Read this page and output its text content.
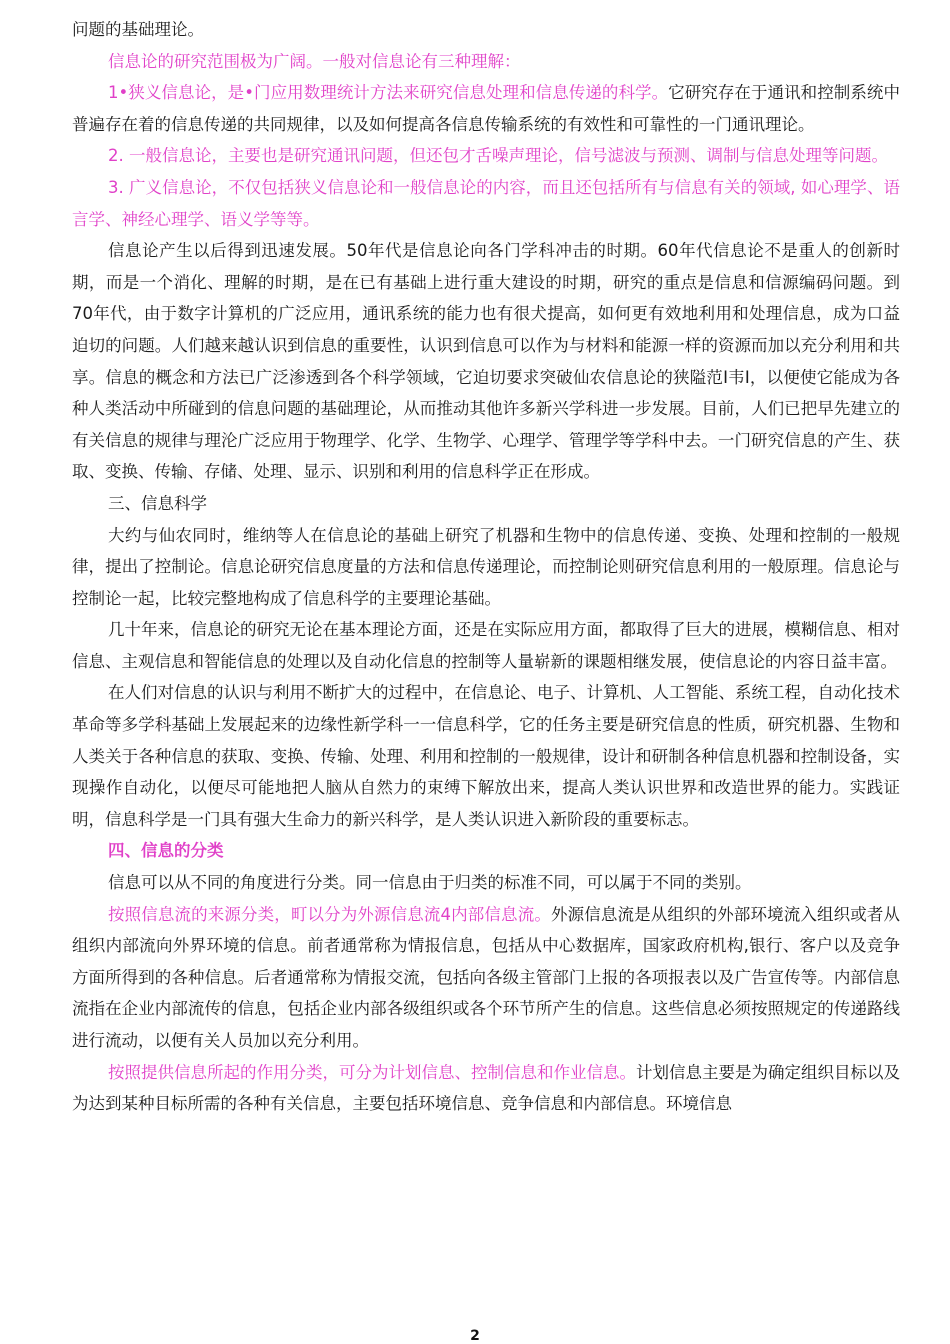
问题的基础理论。

信息论的研究范围极为广阔。一般对信息论有三种理解：

1•狭义信息论，是•门应用数理统计方法来研究信息处理和信息传递的科学。它研究存在于通讯和控制系统中普遍存在着的信息传递的共同规律，以及如何提高各信息传输系统的有效性和可靠性的一门通讯理论。

2. 一般信息论，主要也是研究通讯问题，但还包才舌噪声理论，信号滤波与预测、调制与信息处理等问题。

3. 广义信息论，不仅包括狭义信息论和一般信息论的内容，而且还包括所有与信息有关的领域, 如心理学、语言学、神经心理学、语义学等等。

信息论产生以后得到迅速发展。50年代是信息论向各门学科冲击的时期。60年代信息论不是重人的创新时期，而是一个消化、理解的时期，是在已有基础上进行重大建设的时期，研究的重点是信息和信源编码问题。到70年代，由于数字计算机的广泛应用，通讯系统的能力也有很犬提高，如何更有效地利用和处理信息，成为口益迫切的问题。人们越来越认识到信息的重要性，认识到信息可以作为与材料和能源一样的资源而加以充分利用和共享。信息的概念和方法已广泛渗透到各个科学领域，它迫切要求突破仙农信息论的狭隘范I韦I，以便使它能成为各种人类活动中所碰到的信息问题的基础理论，从而推动其他许多新兴学科进一步发展。目前，人们已把早先建立的有关信息的规律与理沦广泛应用于物理学、化学、生物学、心理学、管理学等学科中去。一门研究信息的产生、获取、变换、传输、存储、处理、显示、识别和利用的信息科学正在形成。

三、信息科学

大约与仙农同时，维纳等人在信息论的基础上研究了机器和生物中的信息传递、变换、处理和控制的一般规律，提出了控制论。信息论研究信息度量的方法和信息传递理论，而控制论则研究信息利用的一般原理。信息论与控制论一起，比较完整地构成了信息科学的主要理论基础。

几十年来，信息论的研究无论在基本理论方面，还是在实际应用方面，都取得了巨大的进展，模糊信息、相对信息、主观信息和智能信息的处理以及自动化信息的控制等人量崭新的课题相继发展，使信息论的内容日益丰富。

在人们对信息的认识与利用不断扩大的过程中，在信息论、电子、计算机、人工智能、系统工程，自动化技术革命等多学科基础上发展起来的边缘性新学科一一信息科学，它的任务主要是研究信息的性质，研究机器、生物和人类关于各种信息的获取、变换、传输、处理、利用和控制的一般规律，设计和研制各种信息机器和控制设备，实现操作自动化，以便尽可能地把人脑从自然力的束缚下解放出来，提高人类认识世界和改造世界的能力。实践证明，信息科学是一门具有强大生命力的新兴科学，是人类认识进入新阶段的重要标志。

四、信息的分类

信息可以从不同的角度进行分类。同一信息由于归类的标准不同，可以属于不同的类别。

按照信息流的来源分类，町以分为外源信息流4内部信息流。外源信息流是从组织的外部环境流入组织或者从组织内部流向外界环境的信息。前者通常称为情报信息，包括从中心数据库，国家政府机构,银行、客户以及竞争方面所得到的各种信息。后者通常称为情报交流，包括向各级主管部门上报的各项报表以及广告宣传等。内部信息流指在企业内部流传的信息，包括企业内部各级组织或各个环节所产生的信息。这些信息必须按照规定的传递路线进行流动，以便有关人员加以充分利用。

按照提供信息所起的作用分类，可分为计划信息、控制信息和作业信息。计划信息主要是为确定组织目标以及为达到某种目标所需的各种有关信息，主要包括环境信息、竞争信息和内部信息。环境信息

2
